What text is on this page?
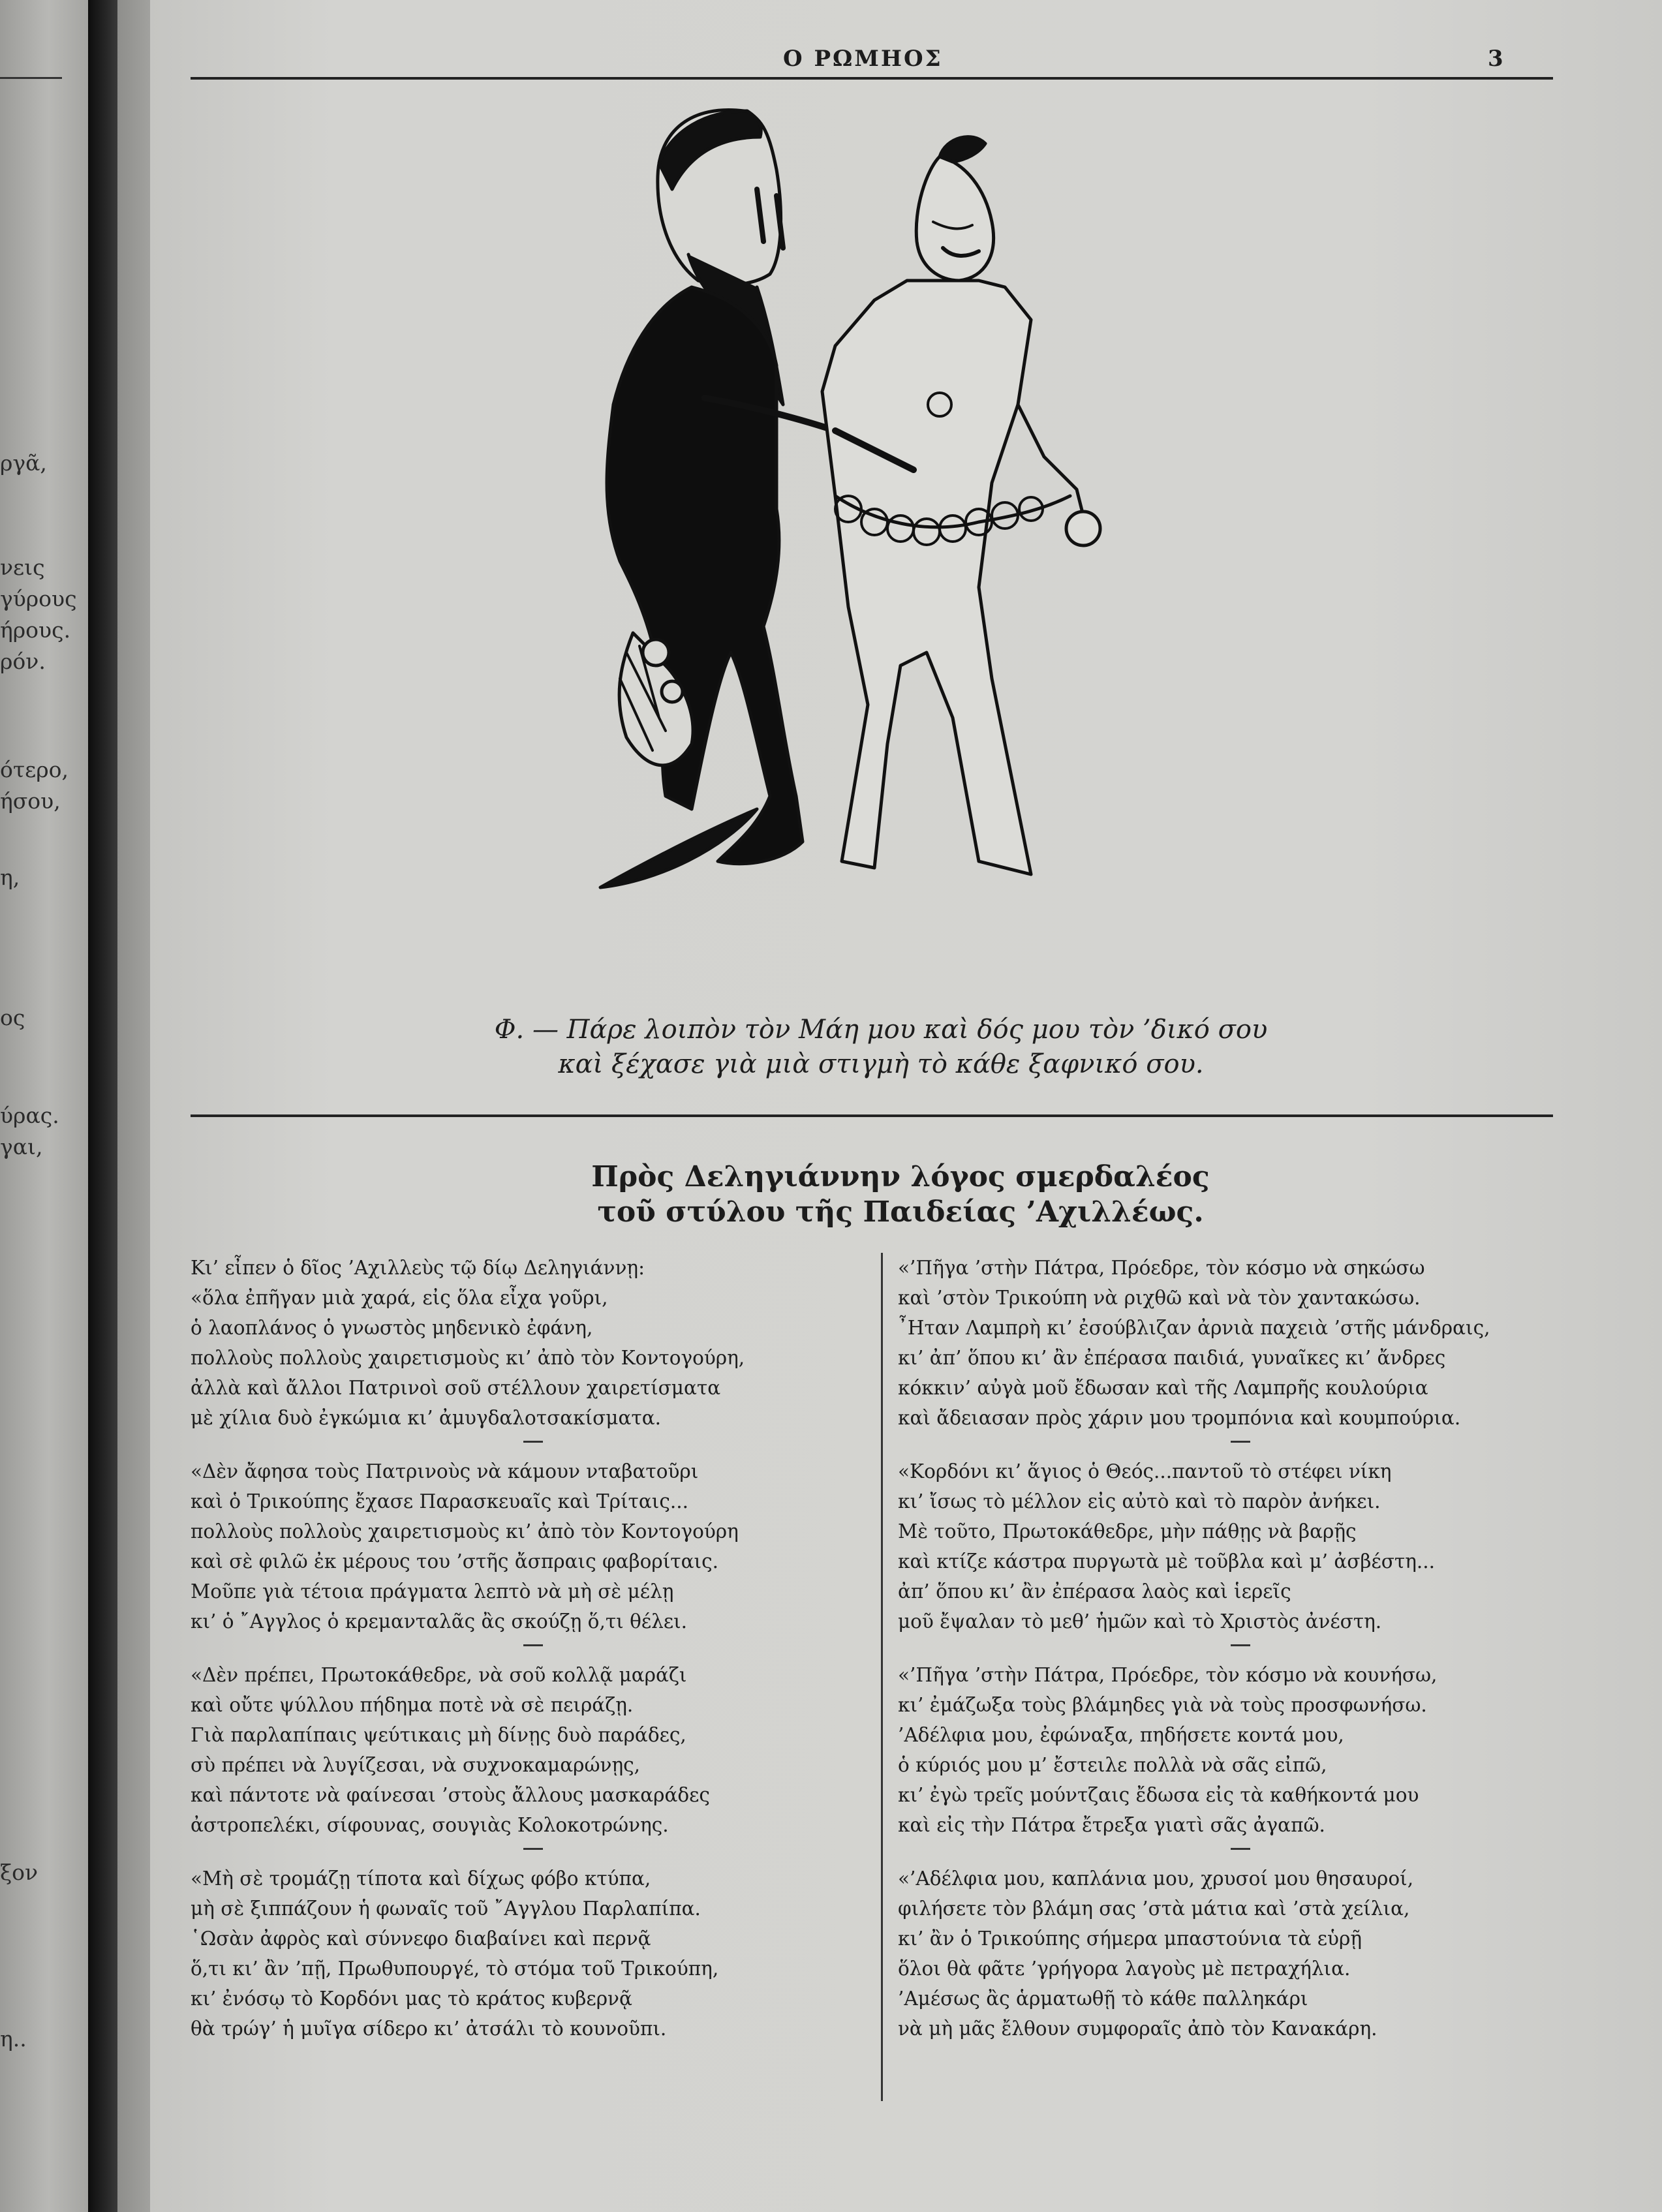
ργᾶ,
νεις
γύρους
ήρους.
ρόν.
ότερο,
ήσου,
η,
ος
ύρας.
γαι,
ξον
η..
Ο ΡΩΜΗΟΣ	3
Φ. — Πάρε λοιπὸν τὸν Μάη μου καὶ δός μου τὸν ’δικό σου
καὶ ξέχασε γιὰ μιὰ στιγμὴ τὸ κάθε ξαφνικό σου.
Πρὸς Δεληγιάννην λόγος σμερδαλέος
τοῦ στύλου τῆς Παιδείας ’Αχιλλέως.
Κι’ εἶπεν ὁ δῖος ’Αχιλλεὺς τῷ δίῳ Δεληγιάννῃ:
«ὅλα ἐπῆγαν μιὰ χαρά, εἰς ὅλα εἶχα γοῦρι,
ὁ λαοπλάνος ὁ γνωστὸς μηδενικὸ ἐφάνη,
πολλοὺς πολλοὺς χαιρετισμοὺς κι’ ἀπὸ τὸν Κοντογούρη,
ἀλλὰ καὶ ἄλλοι Πατρινοὶ σοῦ στέλλουν χαιρετίσματα
μὲ χίλια δυὸ ἐγκώμια κι’ ἀμυγδαλοτσακίσματα.
«Δὲν ἄφησα τοὺς Πατρινοὺς νὰ κάμουν νταβατοῦρι
καὶ ὁ Τρικούπης ἔχασε Παρασκευαῖς καὶ Τρίταις...
πολλοὺς πολλοὺς χαιρετισμοὺς κι’ ἀπὸ τὸν Κοντογούρη
καὶ σὲ φιλῶ ἐκ μέρους του ’στῆς ἄσπραις φαβορίταις.
Μοῦπε γιὰ τέτοια πράγματα λεπτὸ νὰ μὴ σὲ μέλῃ
κι’ ὁ ῎Αγγλος ὁ κρεμανταλᾶς ἂς σκούζῃ ὅ,τι θέλει.
«Δὲν πρέπει, Πρωτοκάθεδρε, νὰ σοῦ κολλᾷ μαράζι
καὶ οὔτε ψύλλου πήδημα ποτὲ νὰ σὲ πειράζῃ.
Γιὰ παρλαπίπαις ψεύτικαις μὴ δίνῃς δυὸ παράδες,
σὺ πρέπει νὰ λυγίζεσαι, νὰ συχνοκαμαρώνῃς,
καὶ πάντοτε νὰ φαίνεσαι ’στοὺς ἄλλους μασκαράδες
ἀστροπελέκι, σίφουνας, σουγιὰς Κολοκοτρώνης.
«Μὴ σὲ τρομάζῃ τίποτα καὶ δίχως φόβο κτύπα,
μὴ σὲ ξιππάζουν ἡ φωναῖς τοῦ ῎Αγγλου Παρλαπίπα.
῾Ωσὰν ἀφρὸς καὶ σύννεφο διαβαίνει καὶ περνᾷ
ὅ,τι κι’ ἂν ’πῇ, Πρωθυπουργέ, τὸ στόμα τοῦ Τρικούπη,
κι’ ἐνόσῳ τὸ Κορδόνι μας τὸ κράτος κυβερνᾷ
θὰ τρώγ’ ἡ μυῖγα σίδερο κι’ ἀτσάλι τὸ κουνοῦπι.
«’Πῆγα ’στὴν Πάτρα, Πρόεδρε, τὸν κόσμο νὰ σηκώσω
καὶ ’στὸν Τρικούπη νὰ ριχθῶ καὶ νὰ τὸν χαντακώσω.
῏Ηταν Λαμπρὴ κι’ ἐσούβλιζαν ἀρνιὰ παχειὰ ’στῆς μάνδραις,
κι’ ἀπ’ ὅπου κι’ ἂν ἐπέρασα παιδιά, γυναῖκες κι’ ἄνδρες
κόκκιν’ αὐγὰ μοῦ ἔδωσαν καὶ τῆς Λαμπρῆς κουλούρια
καὶ ἄδειασαν πρὸς χάριν μου τρομπόνια καὶ κουμπούρια.
«Κορδόνι κι’ ἅγιος ὁ Θεός...παντοῦ τὸ στέφει νίκη
κι’ ἴσως τὸ μέλλον εἰς αὐτὸ καὶ τὸ παρὸν ἀνήκει.
Μὲ τοῦτο, Πρωτοκάθεδρε, μὴν πάθῃς νὰ βαρῇς
καὶ κτίζε κάστρα πυργωτὰ μὲ τοῦβλα καὶ μ’ ἀσβέστη...
ἀπ’ ὅπου κι’ ἂν ἐπέρασα λαὸς καὶ ἱερεῖς
μοῦ ἔψαλαν τὸ μεθ’ ἡμῶν καὶ τὸ Χριστὸς ἀνέστη.
«’Πῆγα ’στὴν Πάτρα, Πρόεδρε, τὸν κόσμο νὰ κουνήσω,
κι’ ἐμάζωξα τοὺς βλάμηδες γιὰ νὰ τοὺς προσφωνήσω.
’Αδέλφια μου, ἐφώναξα, πηδήσετε κοντά μου,
ὁ κύριός μου μ’ ἔστειλε πολλὰ νὰ σᾶς εἰπῶ,
κι’ ἐγὼ τρεῖς μούντζαις ἔδωσα εἰς τὰ καθήκοντά μου
καὶ εἰς τὴν Πάτρα ἔτρεξα γιατὶ σᾶς ἀγαπῶ.
«’Αδέλφια μου, καπλάνια μου, χρυσοί μου θησαυροί,
φιλήσετε τὸν βλάμη σας ’στὰ μάτια καὶ ’στὰ χείλια,
κι’ ἂν ὁ Τρικούπης σήμερα μπαστούνια τὰ εὑρῇ
ὅλοι θὰ φᾶτε ’γρήγορα λαγοὺς μὲ πετραχήλια.
’Αμέσως ἂς ἁρματωθῇ τὸ κάθε παλληκάρι
νὰ μὴ μᾶς ἔλθουν συμφοραῖς ἀπὸ τὸν Κανακάρη.
